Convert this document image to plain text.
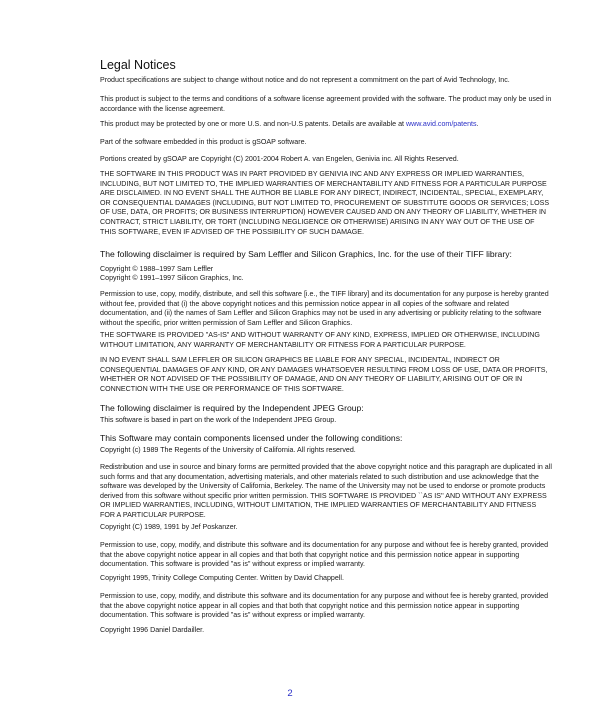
Legal Notices

Product specifications are subject to change without notice and do not represent a commitment on the part of Avid Technology, Inc.

This product is subject to the terms and conditions of a software license agreement provided with the software. The product may only be used in accordance with the license agreement.

This product may be protected by one or more U.S. and non-U.S patents. Details are available at www.avid.com/patents.

Part of the software embedded in this product is gSOAP software.

Portions created by gSOAP are Copyright (C) 2001-2004 Robert A. van Engelen, Genivia inc. All Rights Reserved.

THE SOFTWARE IN THIS PRODUCT WAS IN PART PROVIDED BY GENIVIA INC AND ANY EXPRESS OR IMPLIED WARRANTIES, INCLUDING, BUT NOT LIMITED TO, THE IMPLIED WARRANTIES OF MERCHANTABILITY AND FITNESS FOR A PARTICULAR PURPOSE ARE DISCLAIMED. IN NO EVENT SHALL THE AUTHOR BE LIABLE FOR ANY DIRECT, INDIRECT, INCIDENTAL, SPECIAL, EXEMPLARY, OR CONSEQUENTIAL DAMAGES (INCLUDING, BUT NOT LIMITED TO, PROCUREMENT OF SUBSTITUTE GOODS OR SERVICES; LOSS OF USE, DATA, OR PROFITS; OR BUSINESS INTERRUPTION) HOWEVER CAUSED AND ON ANY THEORY OF LIABILITY, WHETHER IN CONTRACT, STRICT LIABILITY, OR TORT (INCLUDING NEGLIGENCE OR OTHERWISE) ARISING IN ANY WAY OUT OF THE USE OF THIS SOFTWARE, EVEN IF ADVISED OF THE POSSIBILITY OF SUCH DAMAGE.

The following disclaimer is required by Sam Leffler and Silicon Graphics, Inc. for the use of their TIFF library:

Copyright © 1988–1997 Sam Leffler

Copyright © 1991–1997 Silicon Graphics, Inc.

Permission to use, copy, modify, distribute, and sell this software [i.e., the TIFF library] and its documentation for any purpose is hereby granted without fee, provided that (i) the above copyright notices and this permission notice appear in all copies of the software and related documentation, and (ii) the names of Sam Leffler and Silicon Graphics may not be used in any advertising or publicity relating to the software without the specific, prior written permission of Sam Leffler and Silicon Graphics.

THE SOFTWARE IS PROVIDED "AS-IS" AND WITHOUT WARRANTY OF ANY KIND, EXPRESS, IMPLIED OR OTHERWISE, INCLUDING WITHOUT LIMITATION, ANY WARRANTY OF MERCHANTABILITY OR FITNESS FOR A PARTICULAR PURPOSE.

IN NO EVENT SHALL SAM LEFFLER OR SILICON GRAPHICS BE LIABLE FOR ANY SPECIAL, INCIDENTAL, INDIRECT OR CONSEQUENTIAL DAMAGES OF ANY KIND, OR ANY DAMAGES WHATSOEVER RESULTING FROM LOSS OF USE, DATA OR PROFITS, WHETHER OR NOT ADVISED OF THE POSSIBILITY OF DAMAGE, AND ON ANY THEORY OF LIABILITY, ARISING OUT OF OR IN CONNECTION WITH THE USE OR PERFORMANCE OF THIS SOFTWARE.

The following disclaimer is required by the Independent JPEG Group:

This software is based in part on the work of the Independent JPEG Group.

This Software may contain components licensed under the following conditions:

Copyright (c) 1989 The Regents of the University of California. All rights reserved.

Redistribution and use in source and binary forms are permitted provided that the above copyright notice and this paragraph are duplicated in all such forms and that any documentation, advertising materials, and other materials related to such distribution and use acknowledge that the software was developed by the University of California, Berkeley. The name of the University may not be used to endorse or promote products derived from this software without specific prior written permission. THIS SOFTWARE IS PROVIDED ``AS IS'' AND WITHOUT ANY EXPRESS OR IMPLIED WARRANTIES, INCLUDING, WITHOUT LIMITATION, THE IMPLIED WARRANTIES OF MERCHANTABILITY AND FITNESS FOR A PARTICULAR PURPOSE.

Copyright (C) 1989, 1991 by Jef Poskanzer.

Permission to use, copy, modify, and distribute this software and its documentation for any purpose and without fee is hereby granted, provided that the above copyright notice appear in all copies and that both that copyright notice and this permission notice appear in supporting documentation. This software is provided "as is" without express or implied warranty.

Copyright 1995, Trinity College Computing Center. Written by David Chappell.

Permission to use, copy, modify, and distribute this software and its documentation for any purpose and without fee is hereby granted, provided that the above copyright notice appear in all copies and that both that copyright notice and this permission notice appear in supporting documentation. This software is provided "as is" without express or implied warranty.

Copyright 1996 Daniel Dardailler.

2
